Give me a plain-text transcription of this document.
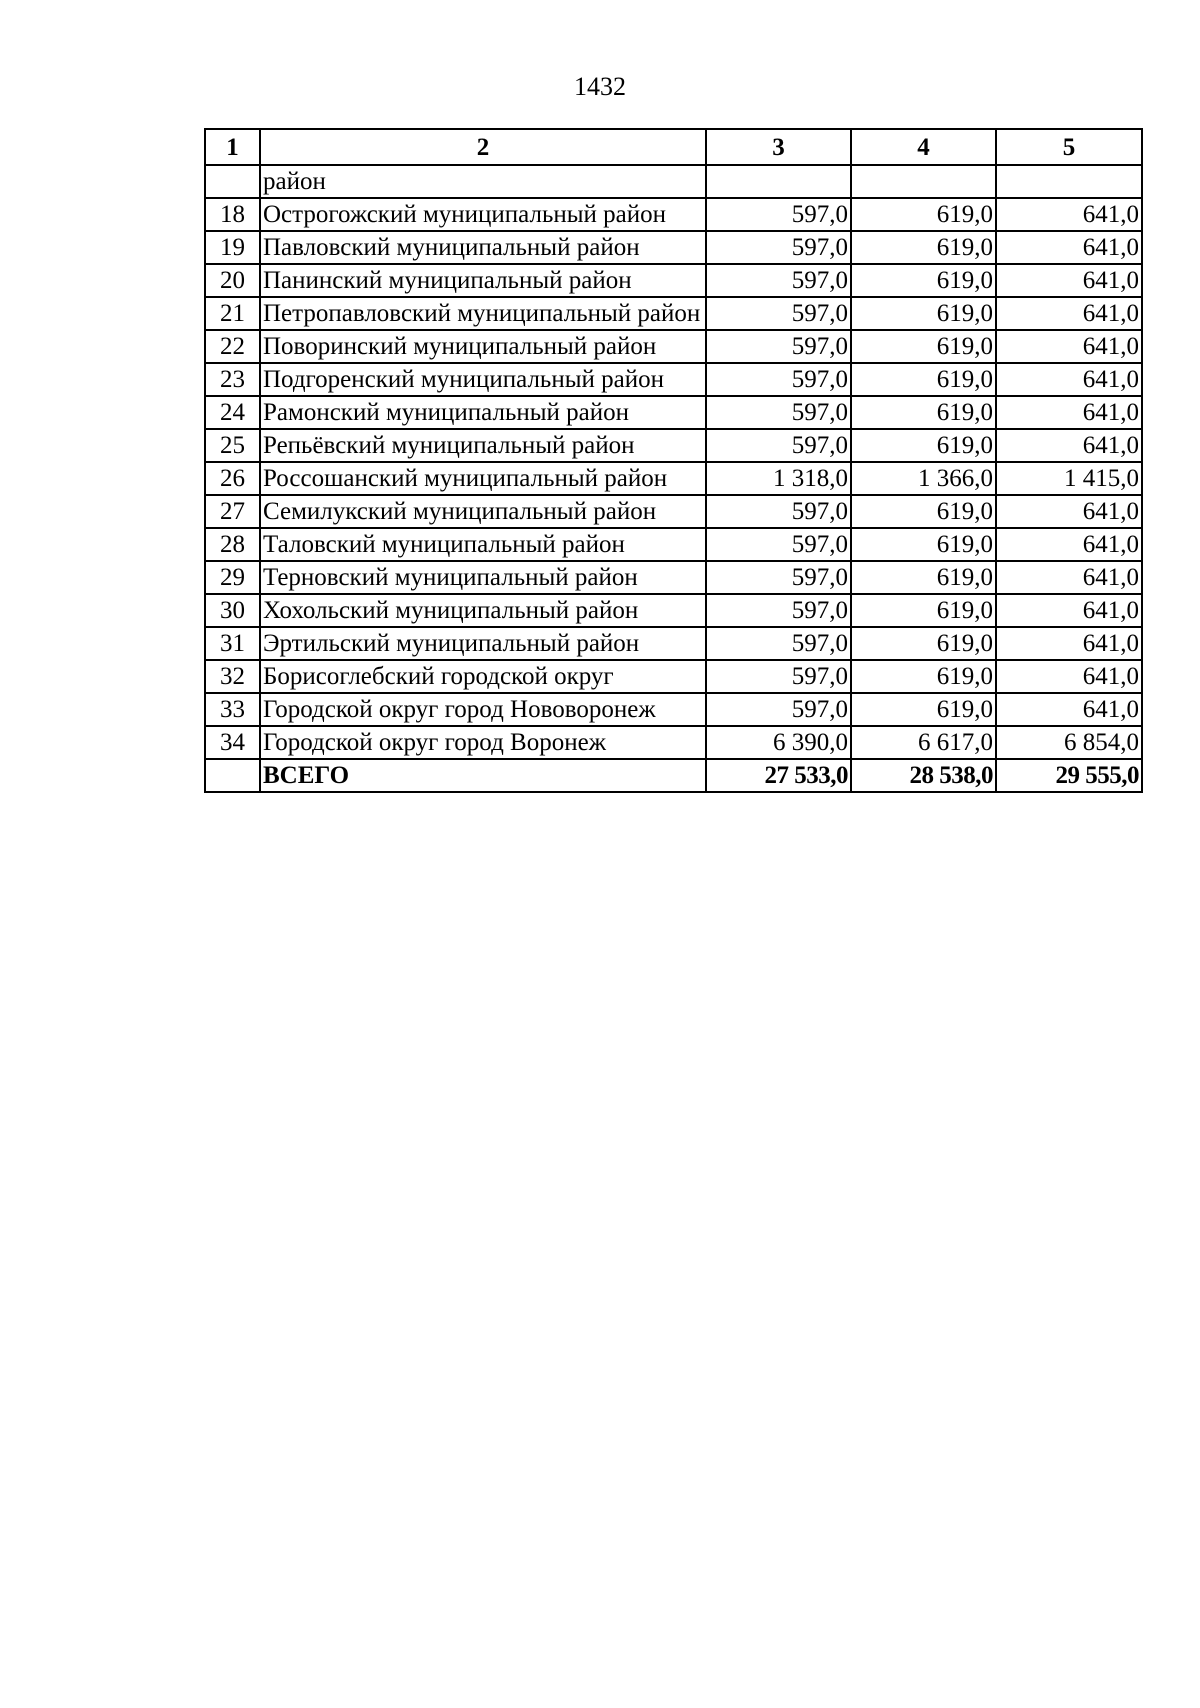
1432
1	2	3	4	5
	район			
18	Острогожский муниципальный район	597,0	619,0	641,0
19	Павловский муниципальный район	597,0	619,0	641,0
20	Панинский муниципальный район	597,0	619,0	641,0
21	Петропавловский муниципальный район	597,0	619,0	641,0
22	Поворинский муниципальный район	597,0	619,0	641,0
23	Подгоренский муниципальный район	597,0	619,0	641,0
24	Рамонский муниципальный район	597,0	619,0	641,0
25	Репьёвский муниципальный район	597,0	619,0	641,0
26	Россошанский муниципальный район	1 318,0	1 366,0	1 415,0
27	Семилукский муниципальный район	597,0	619,0	641,0
28	Таловский муниципальный район	597,0	619,0	641,0
29	Терновский муниципальный район	597,0	619,0	641,0
30	Хохольский муниципальный район	597,0	619,0	641,0
31	Эртильский муниципальный район	597,0	619,0	641,0
32	Борисоглебский городской округ	597,0	619,0	641,0
33	Городской округ город Нововоронеж	597,0	619,0	641,0
34	Городской округ город Воронеж	6 390,0	6 617,0	6 854,0
	ВСЕГО	27 533,0	28 538,0	29 555,0
